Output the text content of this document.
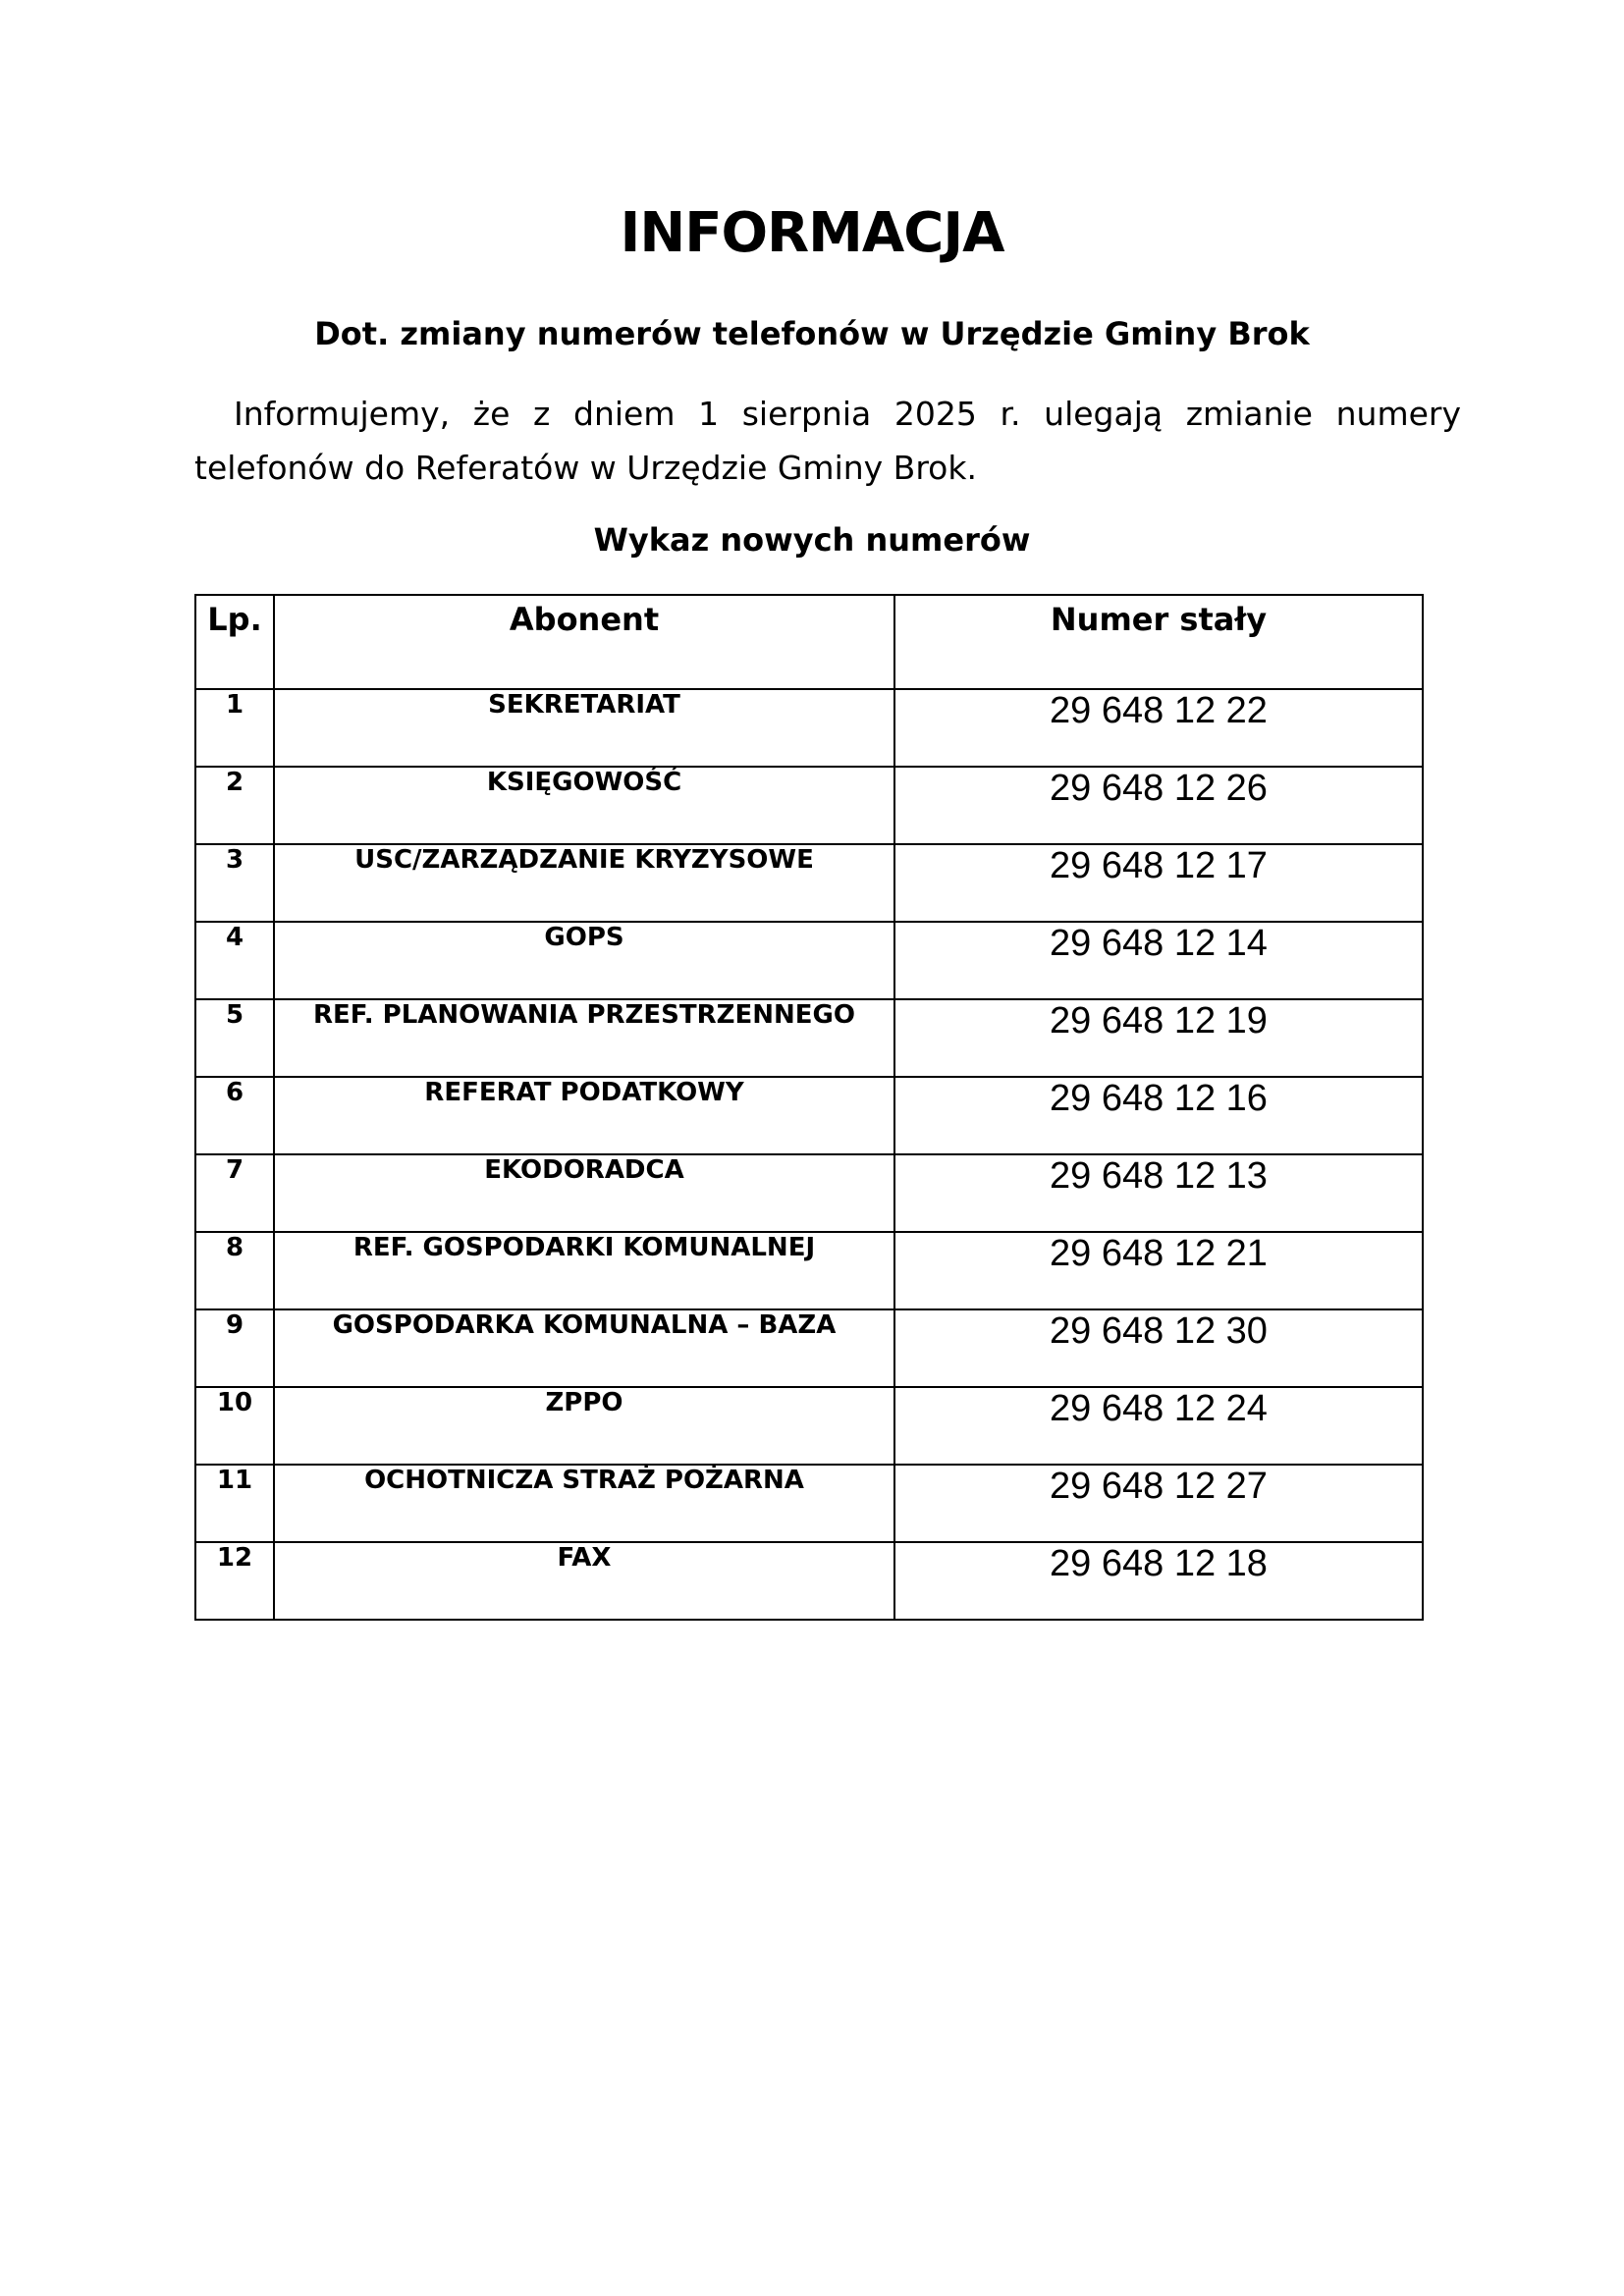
INFORMACJA
Dot. zmiany numerów telefonów w Urzędzie Gminy Brok
Informujemy, że z dniem 1 sierpnia 2025 r. ulegają zmianie numery telefonów do Referatów w Urzędzie Gminy Brok.
Wykaz nowych numerów
Lp.	Abonent	Numer stały
1	SEKRETARIAT	29 648 12 22
2	KSIĘGOWOŚĆ	29 648 12 26
3	USC/ZARZĄDZANIE KRYZYSOWE	29 648 12 17
4	GOPS	29 648 12 14
5	REF. PLANOWANIA PRZESTRZENNEGO	29 648 12 19
6	REFERAT PODATKOWY	29 648 12 16
7	EKODORADCA	29 648 12 13
8	REF. GOSPODARKI KOMUNALNEJ	29 648 12 21
9	GOSPODARKA KOMUNALNA – BAZA	29 648 12 30
10	ZPPO	29 648 12 24
11	OCHOTNICZA STRAŻ POŻARNA	29 648 12 27
12	FAX	29 648 12 18
